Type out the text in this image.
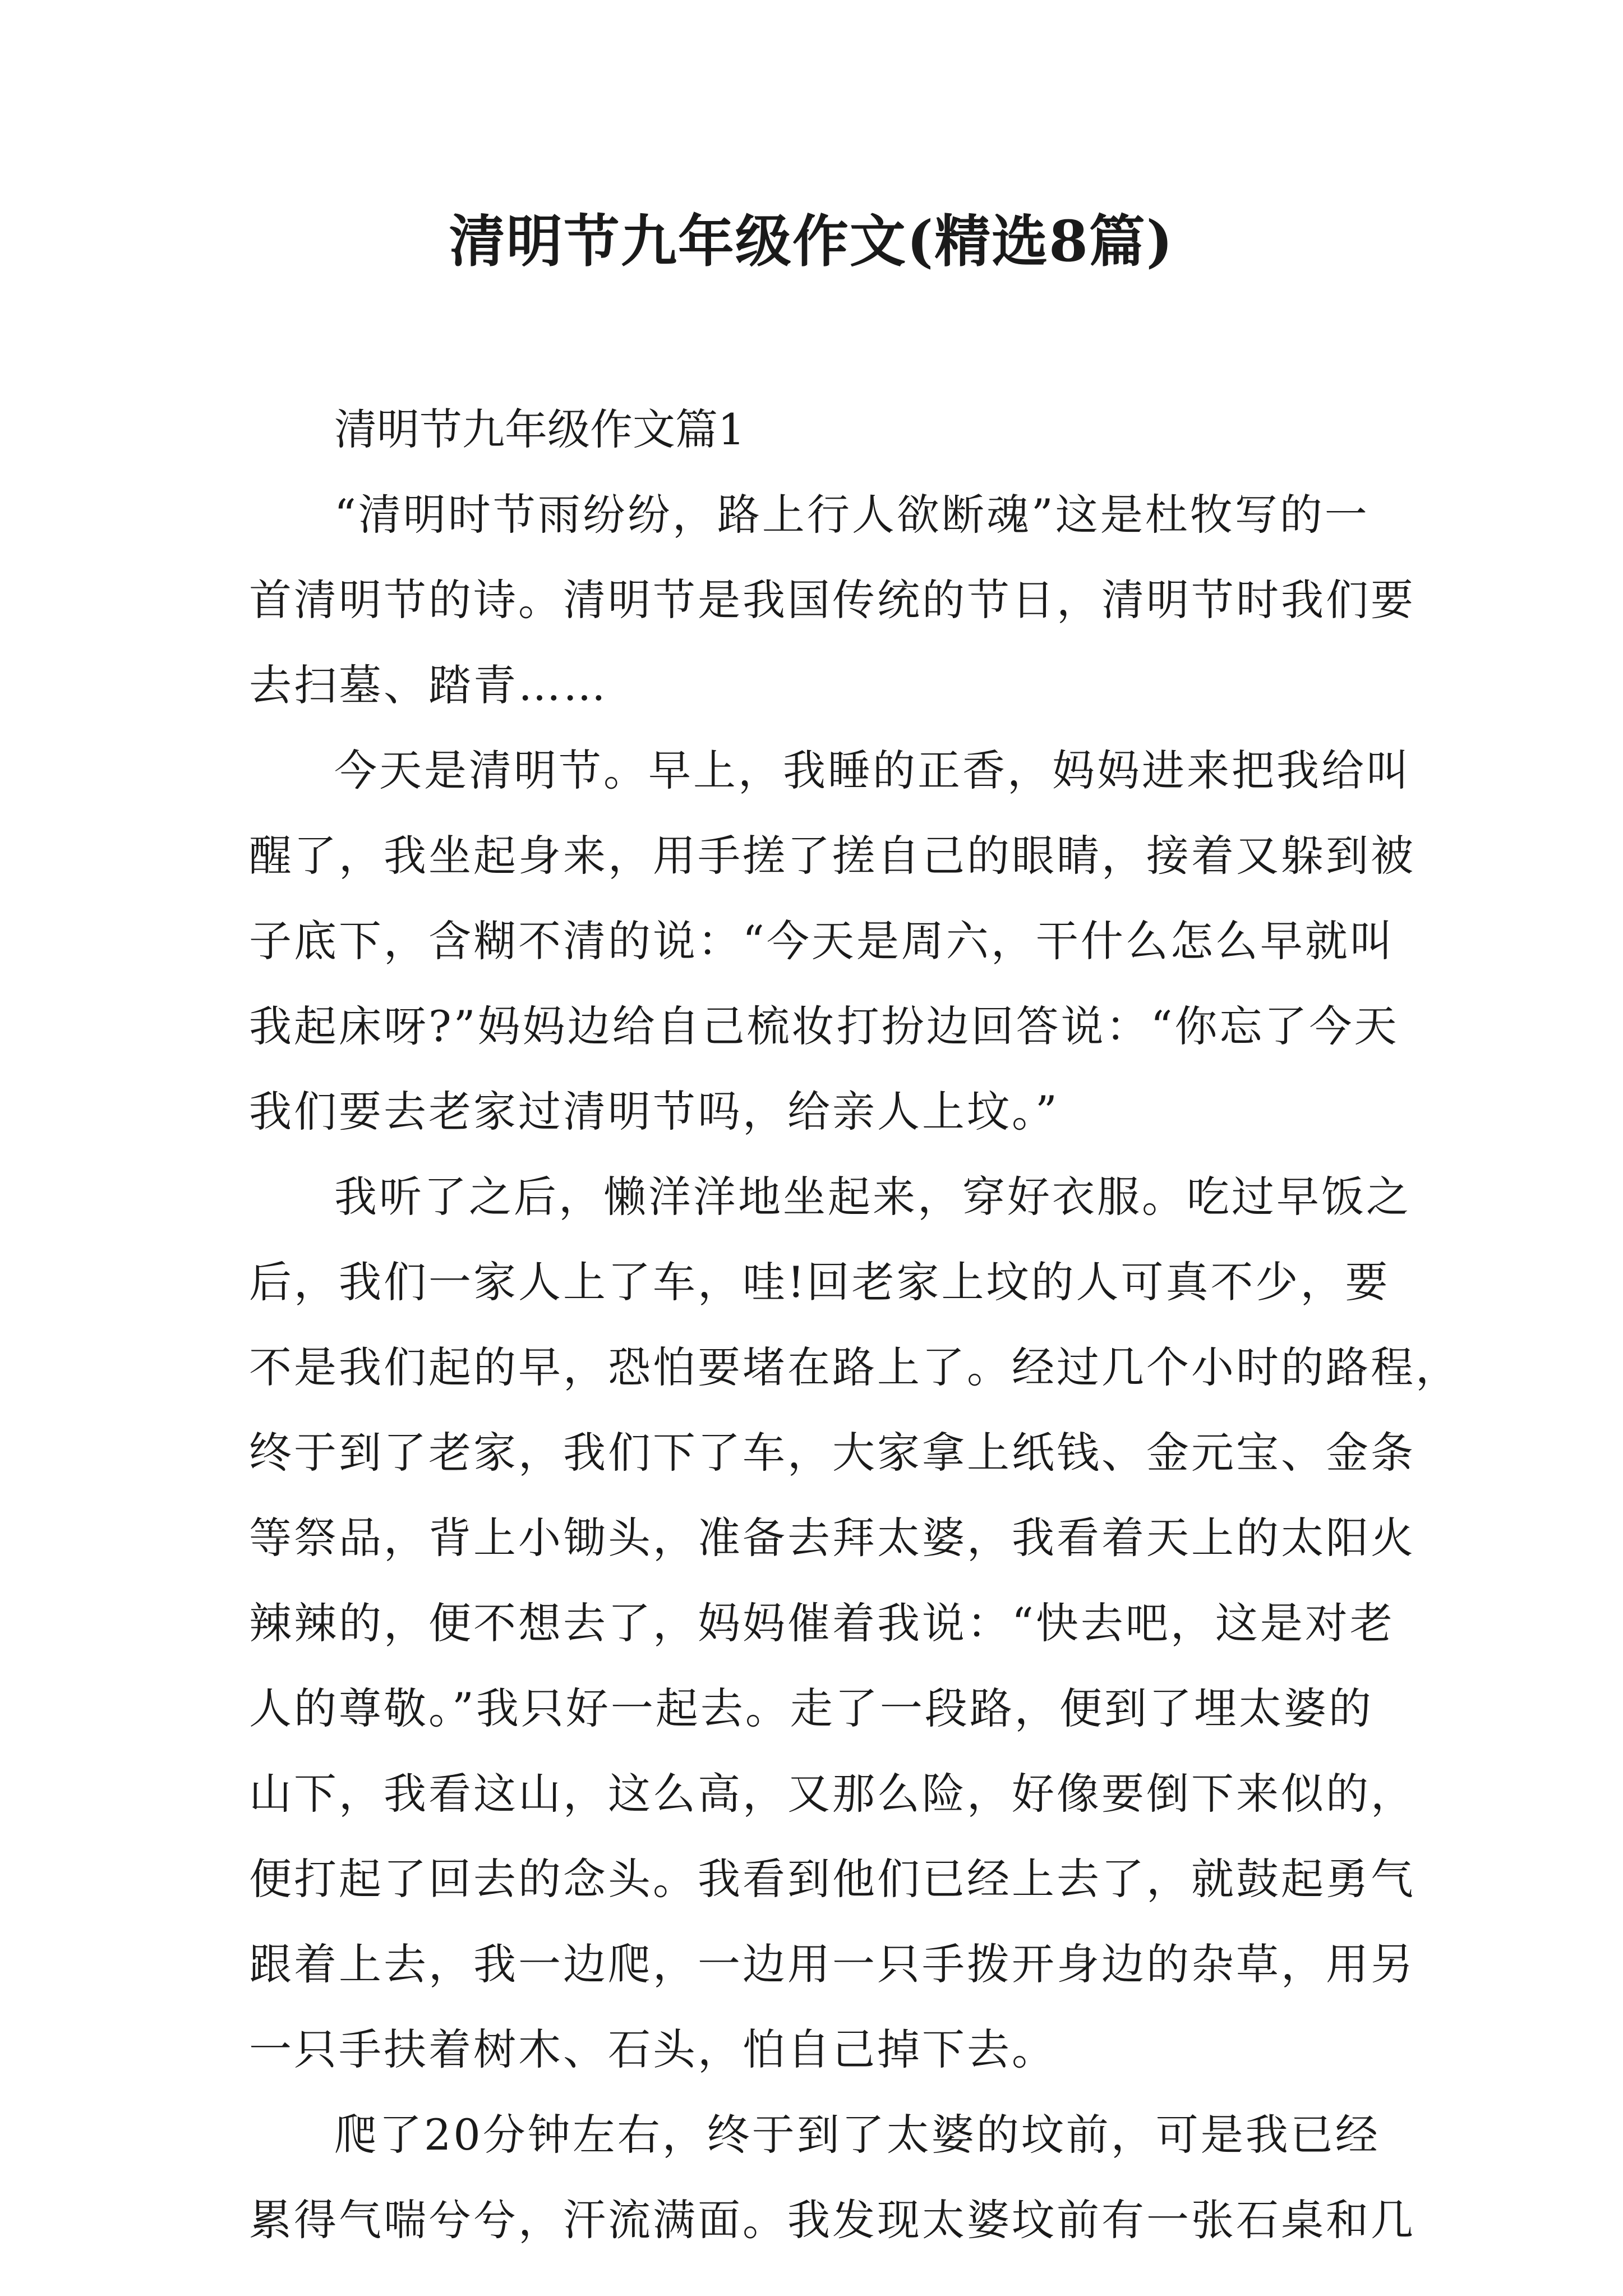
清明节九年级作文(精选8篇)
清明节九年级作文篇1

“清明时节雨纷纷，路上行人欲断魂”这是杜牧写的一
首清明节的诗。清明节是我国传统的节日，清明节时我们要
去扫墓、踏青……

今天是清明节。早上，我睡的正香，妈妈进来把我给叫
醒了，我坐起身来，用手搓了搓自己的眼睛，接着又躲到被
子底下，含糊不清的说：“今天是周六，干什么怎么早就叫
我起床呀?”妈妈边给自己梳妆打扮边回答说：“你忘了今天
我们要去老家过清明节吗，给亲人上坟。”

我听了之后，懒洋洋地坐起来，穿好衣服。吃过早饭之
后，我们一家人上了车，哇!回老家上坟的人可真不少，要
不是我们起的早，恐怕要堵在路上了。经过几个小时的路程，
终于到了老家，我们下了车，大家拿上纸钱、金元宝、金条
等祭品，背上小锄头，准备去拜太婆，我看着天上的太阳火
辣辣的，便不想去了，妈妈催着我说：“快去吧，这是对老
人的尊敬。”我只好一起去。走了一段路，便到了埋太婆的
山下，我看这山，这么高，又那么险，好像要倒下来似的，
便打起了回去的念头。我看到他们已经上去了，就鼓起勇气
跟着上去，我一边爬，一边用一只手拨开身边的杂草，用另
一只手扶着树木、石头，怕自己掉下去。

爬了20分钟左右，终于到了太婆的坟前，可是我已经
累得气喘兮兮，汗流满面。我发现太婆坟前有一张石桌和几
